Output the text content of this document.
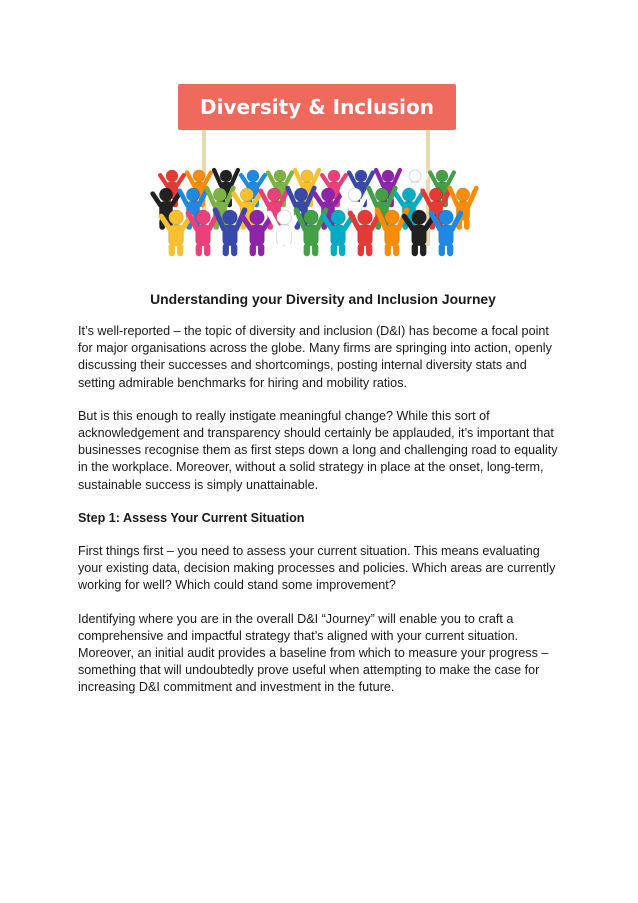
Diversity & Inclusion
Understanding your Diversity and Inclusion Journey

It’s well-reported – the topic of diversity and inclusion (D&I) has become a focal point for major organisations across the globe. Many firms are springing into action, openly discussing their successes and shortcomings, posting internal diversity stats and setting admirable benchmarks for hiring and mobility ratios.

But is this enough to really instigate meaningful change? While this sort of acknowledgement and transparency should certainly be applauded, it’s important that businesses recognise them as first steps down a long and challenging road to equality in the workplace. Moreover, without a solid strategy in place at the onset, long-term, sustainable success is simply unattainable.

Step 1: Assess Your Current Situation

First things first – you need to assess your current situation. This means evaluating your existing data, decision making processes and policies. Which areas are currently working for well? Which could stand some improvement?

Identifying where you are in the overall D&I “Journey” will enable you to craft a comprehensive and impactful strategy that’s aligned with your current situation. Moreover, an initial audit provides a baseline from which to measure your progress – something that will undoubtedly prove useful when attempting to make the case for increasing D&I commitment and investment in the future.
